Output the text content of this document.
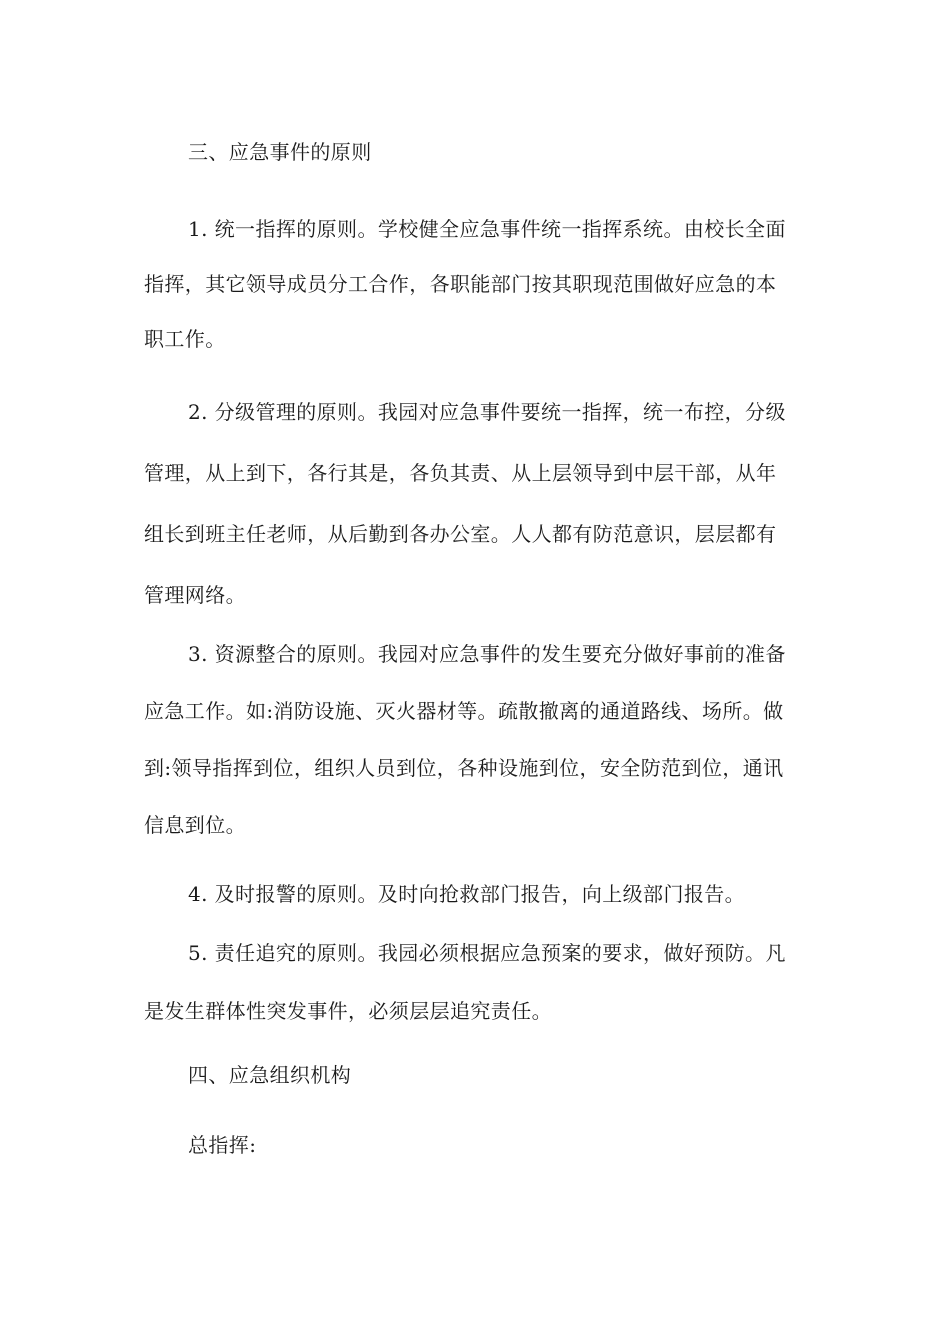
三、应急事件的原则
1. 统一指挥的原则。学校健全应急事件统一指挥系统。由校长全面
指挥，其它领导成员分工合作，各职能部门按其职现范围做好应急的本
职工作。
2. 分级管理的原则。我园对应急事件要统一指挥，统一布控，分级
管理，从上到下，各行其是，各负其责、从上层领导到中层干部，从年
组长到班主任老师，从后勤到各办公室。人人都有防范意识，层层都有
管理网络。
3. 资源整合的原则。我园对应急事件的发生要充分做好事前的准备
应急工作。如:消防设施、灭火器材等。疏散撤离的通道路线、场所。做
到:领导指挥到位，组织人员到位，各种设施到位，安全防范到位，通讯
信息到位。
4. 及时报警的原则。及时向抢救部门报告，向上级部门报告。
5. 责任追究的原则。我园必须根据应急预案的要求，做好预防。凡
是发生群体性突发事件，必须层层追究责任。
四、应急组织机构
总指挥:
